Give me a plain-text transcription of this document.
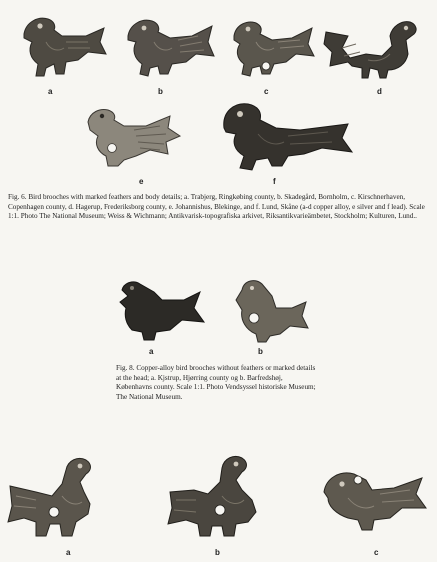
a	b	c	d
e	f

Fig. 6. Bird brooches with marked feathers and body details; a. Trabjerg, Ringkøbing county, b. Skadegård, Bornholm, c. Kirschnerhaven, Copenhagen county, d. Hagerup, Frederiksborg county, e. Johannishus, Blekinge, and f. Lund, Skåne (a-d copper alloy, e silver and f lead). Scale 1:1. Photo The National Museum; Weiss & Wichmann; Antikvarisk-topografiska arkivet, Riksantikvarieämbetet, Stockholm; Kulturen, Lund..

a	b

Fig. 8. Copper-alloy bird brooches without feathers or marked details at the head; a. Kjstrup, Hjørring county og b. Barfredshøj, Københavns county. Scale 1:1. Photo Vendsyssel historiske Museum; The National Museum.

a	b	c
